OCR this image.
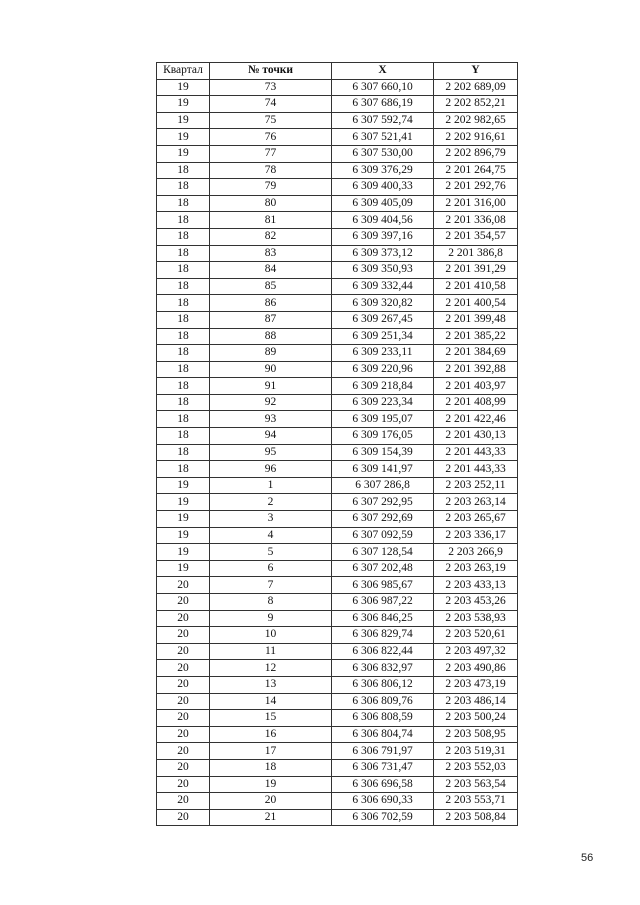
Квартал	№ точки	X	Y
19	73	6 307 660,10	2 202 689,09
19	74	6 307 686,19	2 202 852,21
19	75	6 307 592,74	2 202 982,65
19	76	6 307 521,41	2 202 916,61
19	77	6 307 530,00	2 202 896,79
18	78	6 309 376,29	2 201 264,75
18	79	6 309 400,33	2 201 292,76
18	80	6 309 405,09	2 201 316,00
18	81	6 309 404,56	2 201 336,08
18	82	6 309 397,16	2 201 354,57
18	83	6 309 373,12	2 201 386,8
18	84	6 309 350,93	2 201 391,29
18	85	6 309 332,44	2 201 410,58
18	86	6 309 320,82	2 201 400,54
18	87	6 309 267,45	2 201 399,48
18	88	6 309 251,34	2 201 385,22
18	89	6 309 233,11	2 201 384,69
18	90	6 309 220,96	2 201 392,88
18	91	6 309 218,84	2 201 403,97
18	92	6 309 223,34	2 201 408,99
18	93	6 309 195,07	2 201 422,46
18	94	6 309 176,05	2 201 430,13
18	95	6 309 154,39	2 201 443,33
18	96	6 309 141,97	2 201 443,33
19	1	6 307 286,8	2 203 252,11
19	2	6 307 292,95	2 203 263,14
19	3	6 307 292,69	2 203 265,67
19	4	6 307 092,59	2 203 336,17
19	5	6 307 128,54	2 203 266,9
19	6	6 307 202,48	2 203 263,19
20	7	6 306 985,67	2 203 433,13
20	8	6 306 987,22	2 203 453,26
20	9	6 306 846,25	2 203 538,93
20	10	6 306 829,74	2 203 520,61
20	11	6 306 822,44	2 203 497,32
20	12	6 306 832,97	2 203 490,86
20	13	6 306 806,12	2 203 473,19
20	14	6 306 809,76	2 203 486,14
20	15	6 306 808,59	2 203 500,24
20	16	6 306 804,74	2 203 508,95
20	17	6 306 791,97	2 203 519,31
20	18	6 306 731,47	2 203 552,03
20	19	6 306 696,58	2 203 563,54
20	20	6 306 690,33	2 203 553,71
20	21	6 306 702,59	2 203 508,84
56
